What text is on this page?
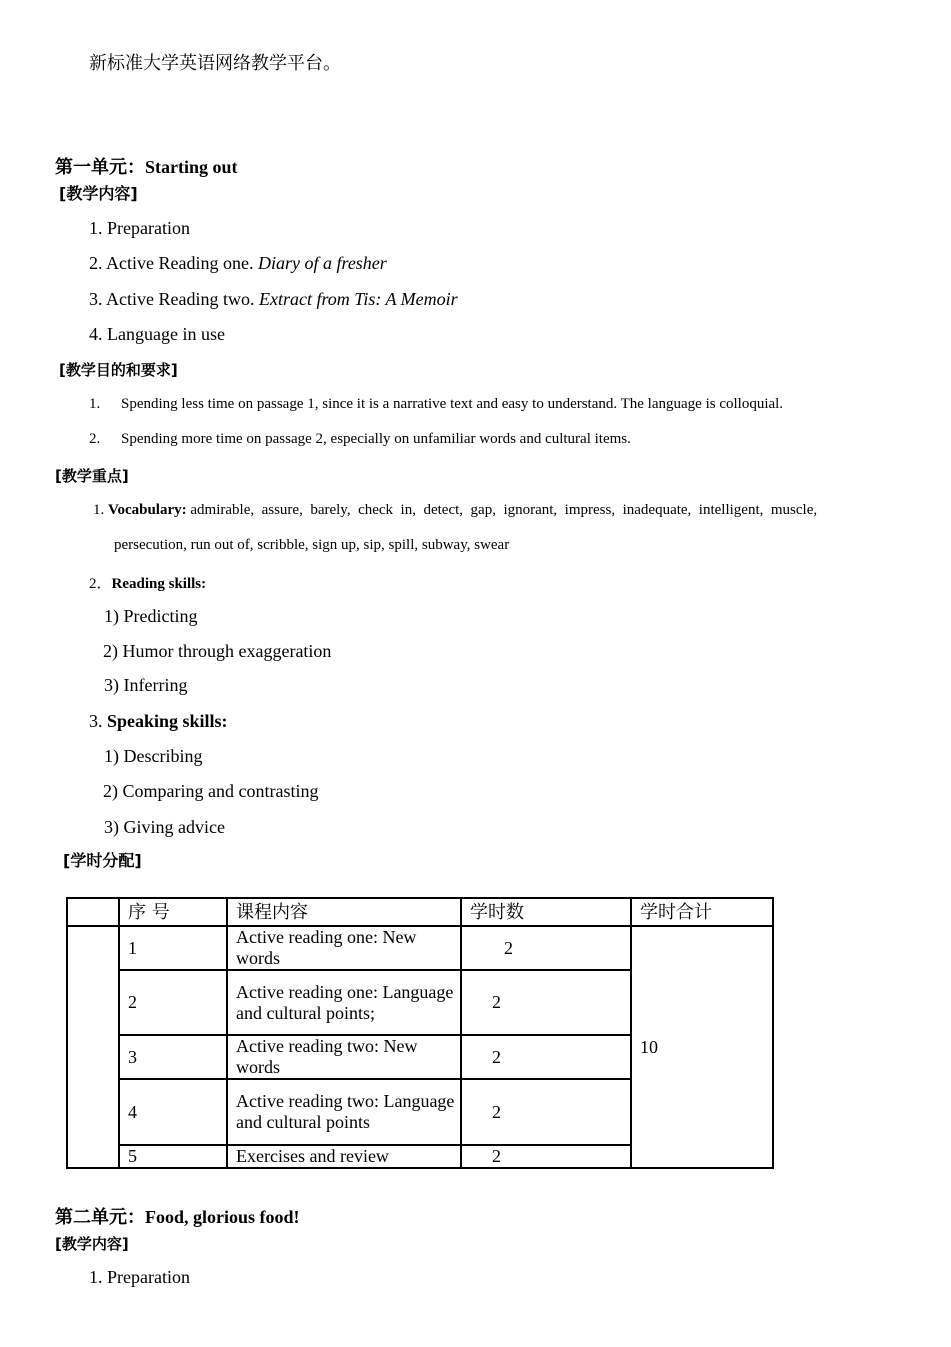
新标准大学英语网络教学平台。
第一单元：Starting out
[教学内容]
1. Preparation
2. Active Reading one. Diary of a fresher
3. Active Reading two. Extract from Tis: A Memoir
4. Language in use
[教学目的和要求]
1. Spending less time on passage 1, since it is a narrative text and easy to understand. The language is colloquial.
2. Spending more time on passage 2, especially on unfamiliar words and cultural items.
[教学重点]
1. Vocabulary: admirable,  assure,  barely,  check  in,  detect,  gap,  ignorant,  impress,  inadequate,  intelligent,  muscle,
persecution, run out of, scribble, sign up, sip, spill, subway, swear
2．Reading skills:
1) Predicting
2) Humor through exaggeration
3) Inferring
3. Speaking skills:
1) Describing
2) Comparing and contrasting
3) Giving advice
[学时分配]
	序 号	课程内容	学时数	学时合计
	1	Active reading one: New words	2	10
	2	Active reading one: Language and cultural points;	2	
	3	Active reading two: New words	2	
	4	Active reading two: Language and cultural points	2	
	5	Exercises and review	2	
第二单元：Food, glorious food!
[教学内容]
1. Preparation
